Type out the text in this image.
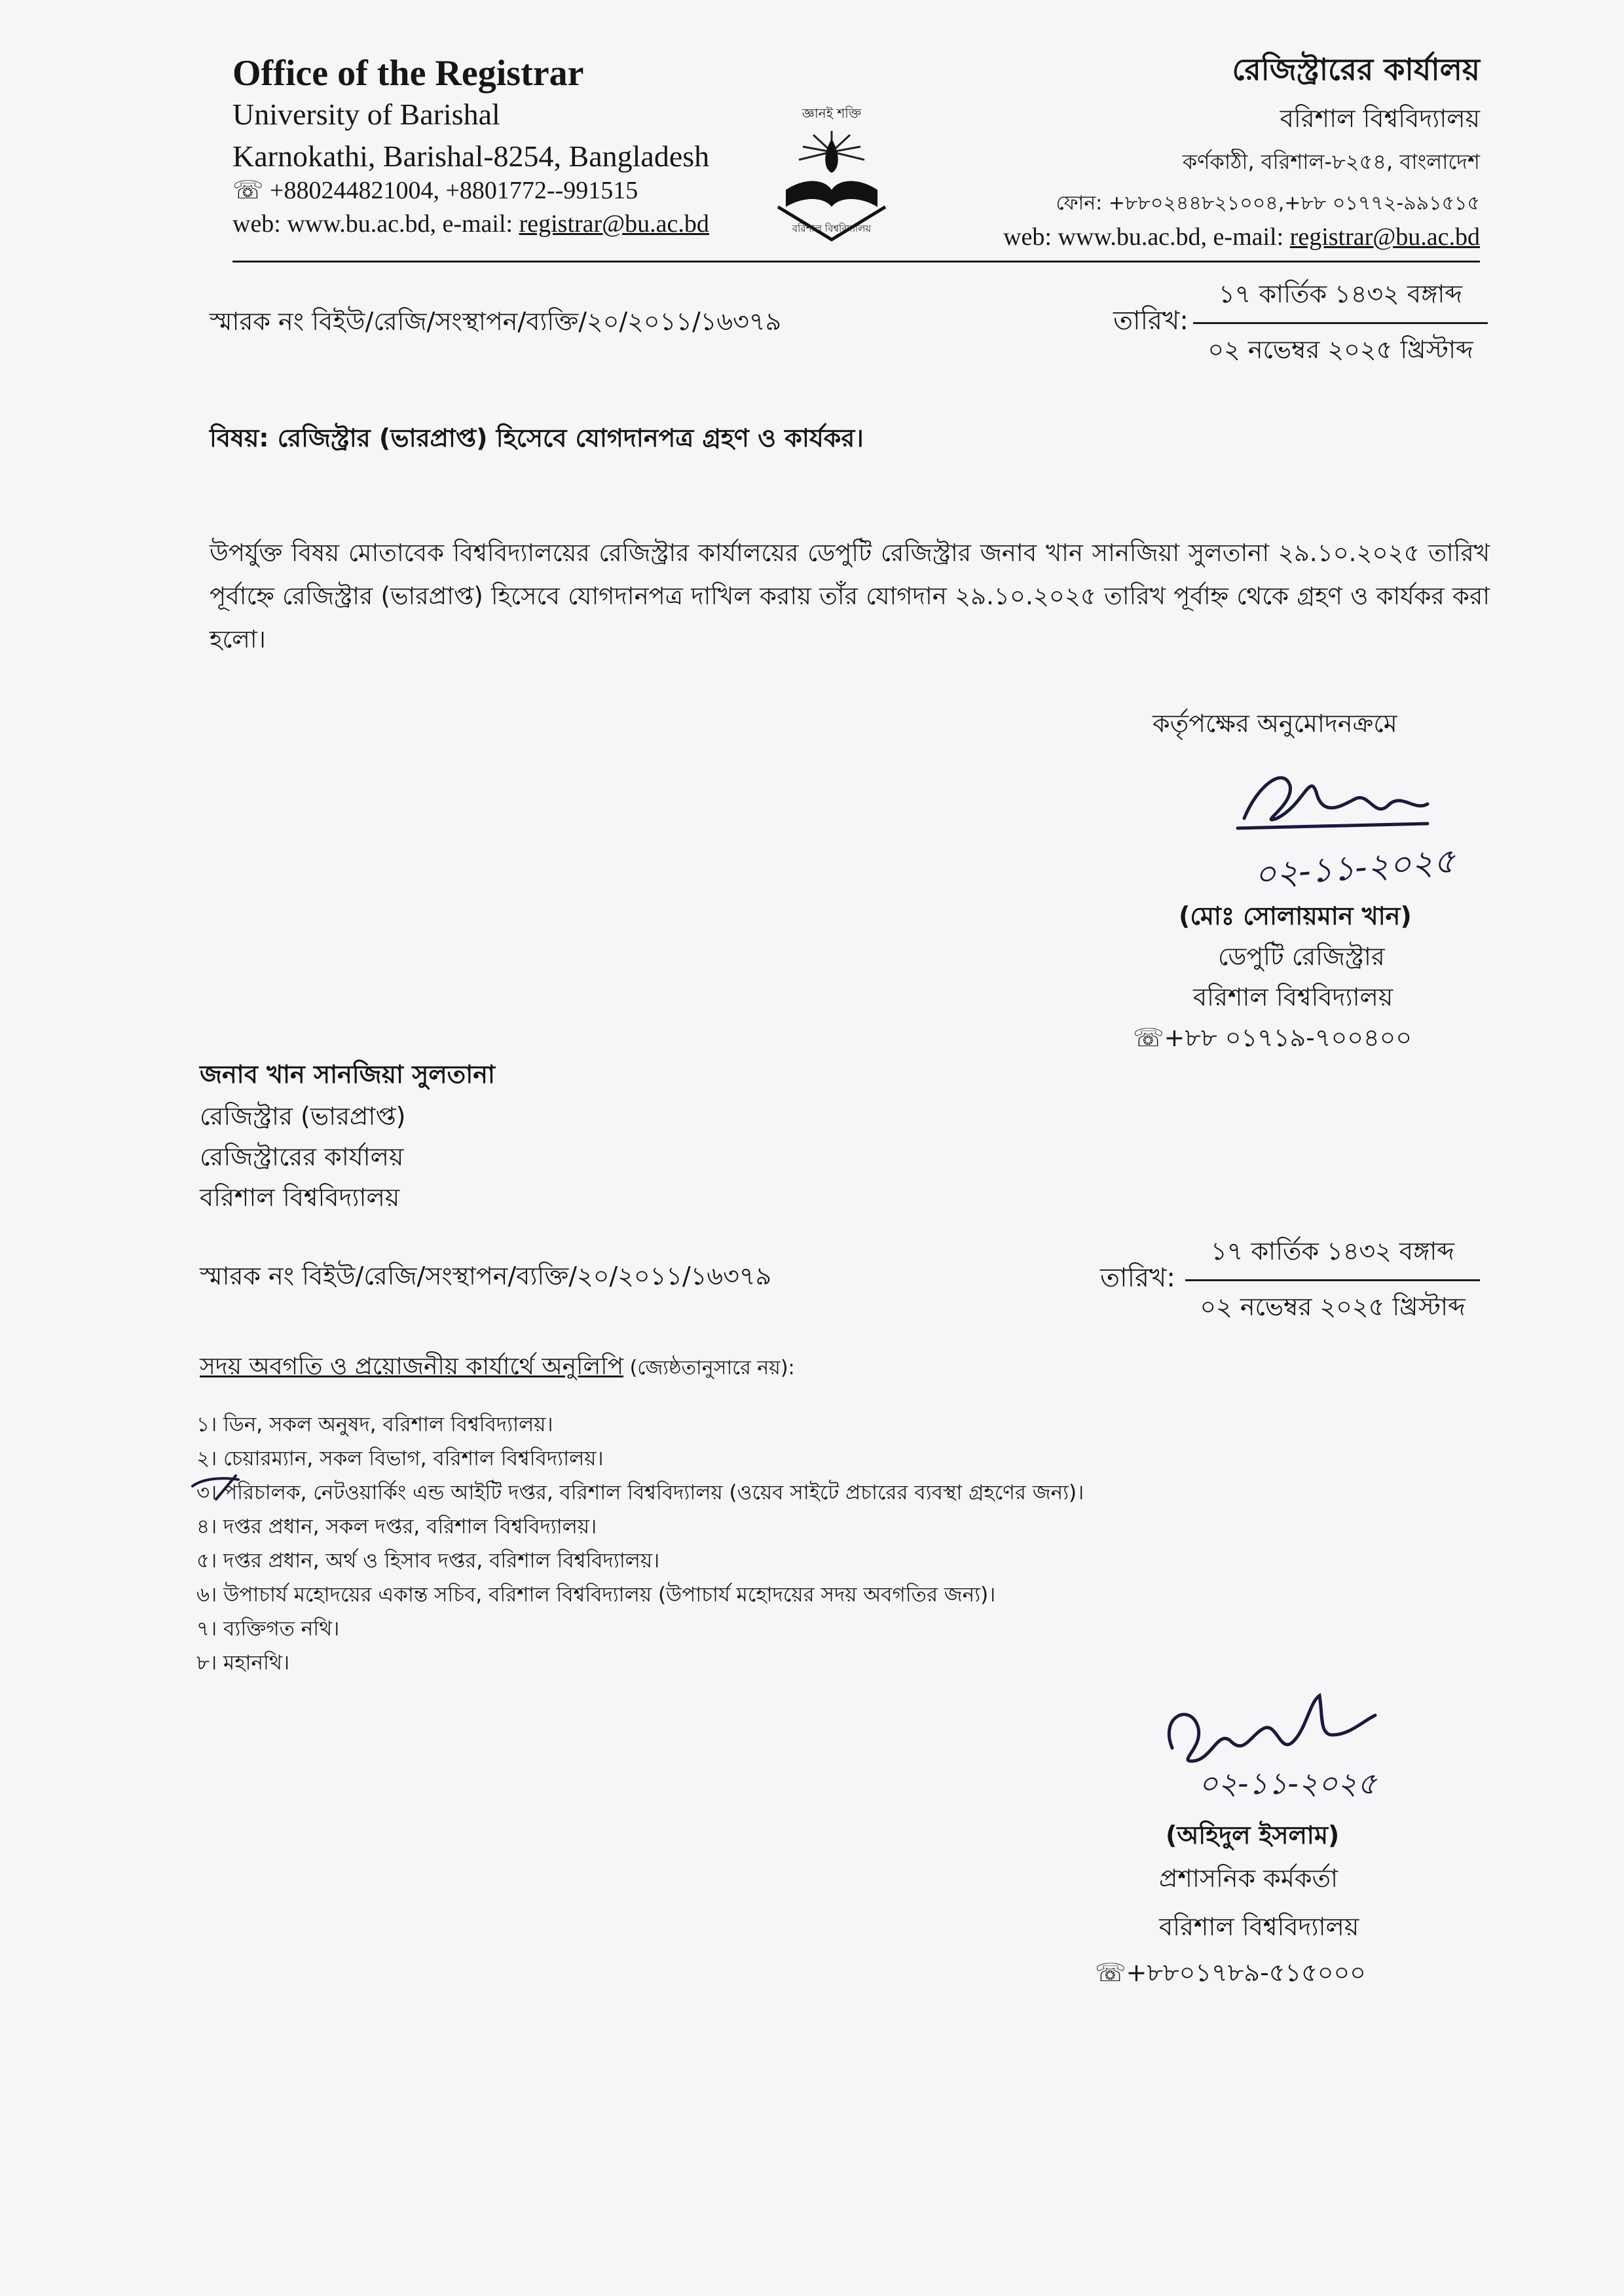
Office of the Registrar
University of Barishal
Karnokathi, Barishal-8254, Bangladesh
☏ +880244821004, +8801772--991515
web: www.bu.ac.bd, e-mail: registrar@bu.ac.bd
জ্ঞানই শক্তি
বরিশাল বিশ্ববিদ্যালয়
রেজিস্ট্রারের কার্যালয়
বরিশাল বিশ্ববিদ্যালয়
কর্ণকাঠী, বরিশাল-৮২৫৪, বাংলাদেশ
ফোন: +৮৮০২৪৪৮২১০০৪,+৮৮ ০১৭৭২-৯৯১৫১৫
web: www.bu.ac.bd, e-mail: registrar@bu.ac.bd
স্মারক নং বিইউ/রেজি/সংস্থাপন/ব্যক্তি/২০/২০১১/১৬৩৭৯	তারিখ:
১৭ কার্তিক ১৪৩২ বঙ্গাব্দ
০২ নভেম্বর ২০২৫ খ্রিস্টাব্দ
বিষয়: রেজিস্ট্রার (ভারপ্রাপ্ত) হিসেবে যোগদানপত্র গ্রহণ ও কার্যকর।
উপর্যুক্ত বিষয় মোতাবেক বিশ্ববিদ্যালয়ের রেজিস্ট্রার কার্যালয়ের ডেপুটি রেজিস্ট্রার জনাব খান সানজিয়া সুলতানা ২৯.১০.২০২৫ তারিখ পূর্বাহ্নে রেজিস্ট্রার (ভারপ্রাপ্ত) হিসেবে যোগদানপত্র দাখিল করায় তাঁর যোগদান ২৯.১০.২০২৫ তারিখ পূর্বাহ্ন থেকে গ্রহণ ও কার্যকর করা হলো।
কর্তৃপক্ষের অনুমোদনক্রমে
০২-১১-২০২৫
(মোঃ সোলায়মান খান)
ডেপুটি রেজিস্ট্রার
বরিশাল বিশ্ববিদ্যালয়
☏+৮৮ ০১৭১৯-৭০০৪০০
জনাব খান সানজিয়া সুলতানা
রেজিস্ট্রার (ভারপ্রাপ্ত)
রেজিস্ট্রারের কার্যালয়
বরিশাল বিশ্ববিদ্যালয়
স্মারক নং বিইউ/রেজি/সংস্থাপন/ব্যক্তি/২০/২০১১/১৬৩৭৯	তারিখ:
১৭ কার্তিক ১৪৩২ বঙ্গাব্দ
০২ নভেম্বর ২০২৫ খ্রিস্টাব্দ
সদয় অবগতি ও প্রয়োজনীয় কার্যার্থে অনুলিপি (জ্যেষ্ঠতানুসারে নয়):
১। ডিন, সকল অনুষদ, বরিশাল বিশ্ববিদ্যালয়।
২। চেয়ারম্যান, সকল বিভাগ, বরিশাল বিশ্ববিদ্যালয়।
৩। পরিচালক, নেটওয়ার্কিং এন্ড আইটি দপ্তর, বরিশাল বিশ্ববিদ্যালয় (ওয়েব সাইটে প্রচারের ব্যবস্থা গ্রহণের জন্য)।
৪। দপ্তর প্রধান, সকল দপ্তর, বরিশাল বিশ্ববিদ্যালয়।
৫। দপ্তর প্রধান, অর্থ ও হিসাব দপ্তর, বরিশাল বিশ্ববিদ্যালয়।
৬। উপাচার্য মহোদয়ের একান্ত সচিব, বরিশাল বিশ্ববিদ্যালয় (উপাচার্য মহোদয়ের সদয় অবগতির জন্য)।
৭। ব্যক্তিগত নথি।
৮। মহানথি।
০২-১১-২০২৫
(অহিদুল ইসলাম)
প্রশাসনিক কর্মকর্তা
বরিশাল বিশ্ববিদ্যালয়
☏+৮৮০১৭৮৯-৫১৫০০০
